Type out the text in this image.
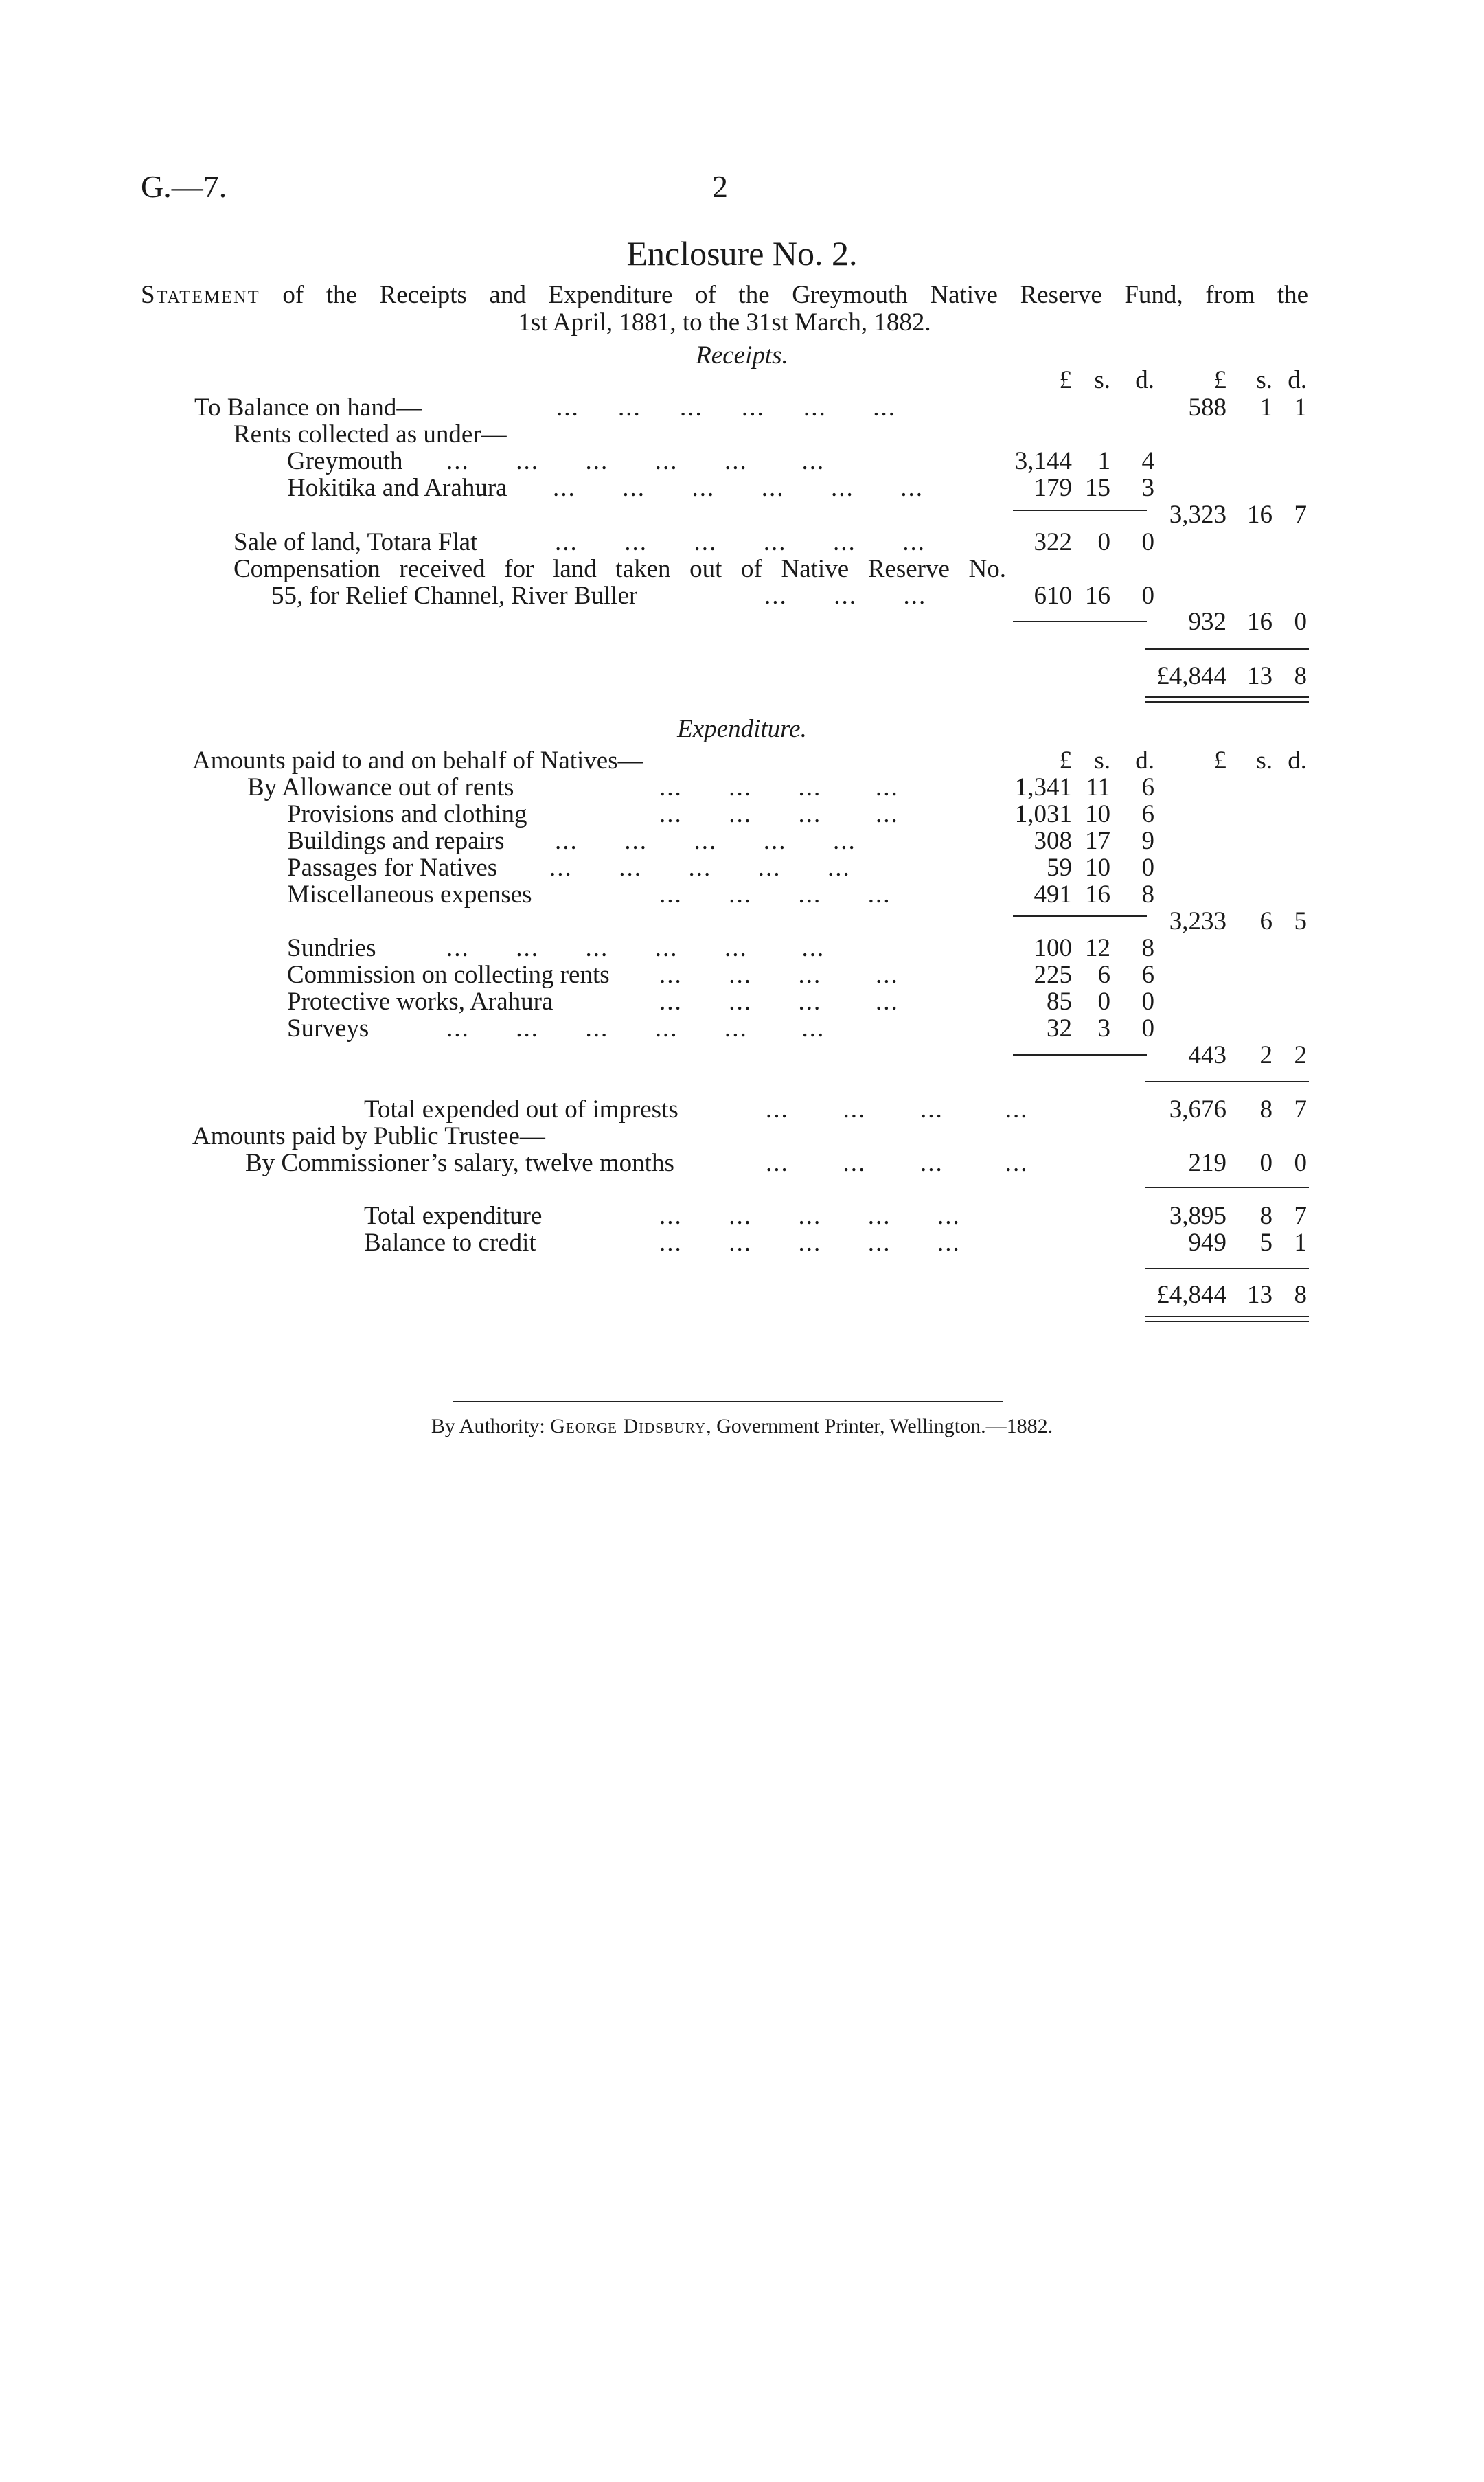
G.—7.	2
Enclosure No. 2.
Statement of the Receipts and Expenditure of the Greymouth Native Reserve Fund, from the
1st April, 1881, to the 31st March, 1882.
Receipts.
£ s. d. £ s. d.
To Balance on hand—	...     ...     ...     ...     ...      ...	588 1 1
Rents collected as under—
Greymouth ...      ...      ...      ...      ...       ...	3,144 1 4
Hokitika and Arahura ...      ...      ...      ...      ...      ...	179 15 3
3,323 16 7
Sale of land, Totara Flat	...      ...      ...      ...      ...      ...	322 0 0
Compensation received for land taken out of Native Reserve No.
55, for Relief Channel, River Buller	...      ...      ...	610 16 0
932 16 0
£4,844 13 8
Expenditure.
Amounts paid to and on behalf of Natives—	£ s. d. £ s. d.
By Allowance out of rents	...      ...      ...       ...	1,341 11 6
Provisions and clothing	...      ...      ...       ...	1,031 10 6
Buildings and repairs ...      ...      ...      ...      ...	308 17 9
Passages for Natives ...      ...      ...      ...      ...	59 10 0
Miscellaneous expenses	...      ...      ...      ...	491 16 8
3,233 6 5
Sundries	...      ...      ...      ...      ...       ...	100 12 8
Commission on collecting rents ...      ...      ...       ...	225 6 6
Protective works, Arahura	...      ...      ...       ...	85 0 0
Surveys	...      ...      ...      ...      ...       ...	32 3 0
443 2 2
Total expended out of imprests	...       ...       ...        ...	3,676 8 7
Amounts paid by Public Trustee—
By Commissioner’s salary, twelve months	...       ...       ...        ...	219 0 0
Total expenditure	...      ...      ...      ...      ...	3,895 8 7
Balance to credit	...      ...      ...      ...      ...	949 5 1
£4,844 13 8
By Authority: George Didsbury, Government Printer, Wellington.—1882.
